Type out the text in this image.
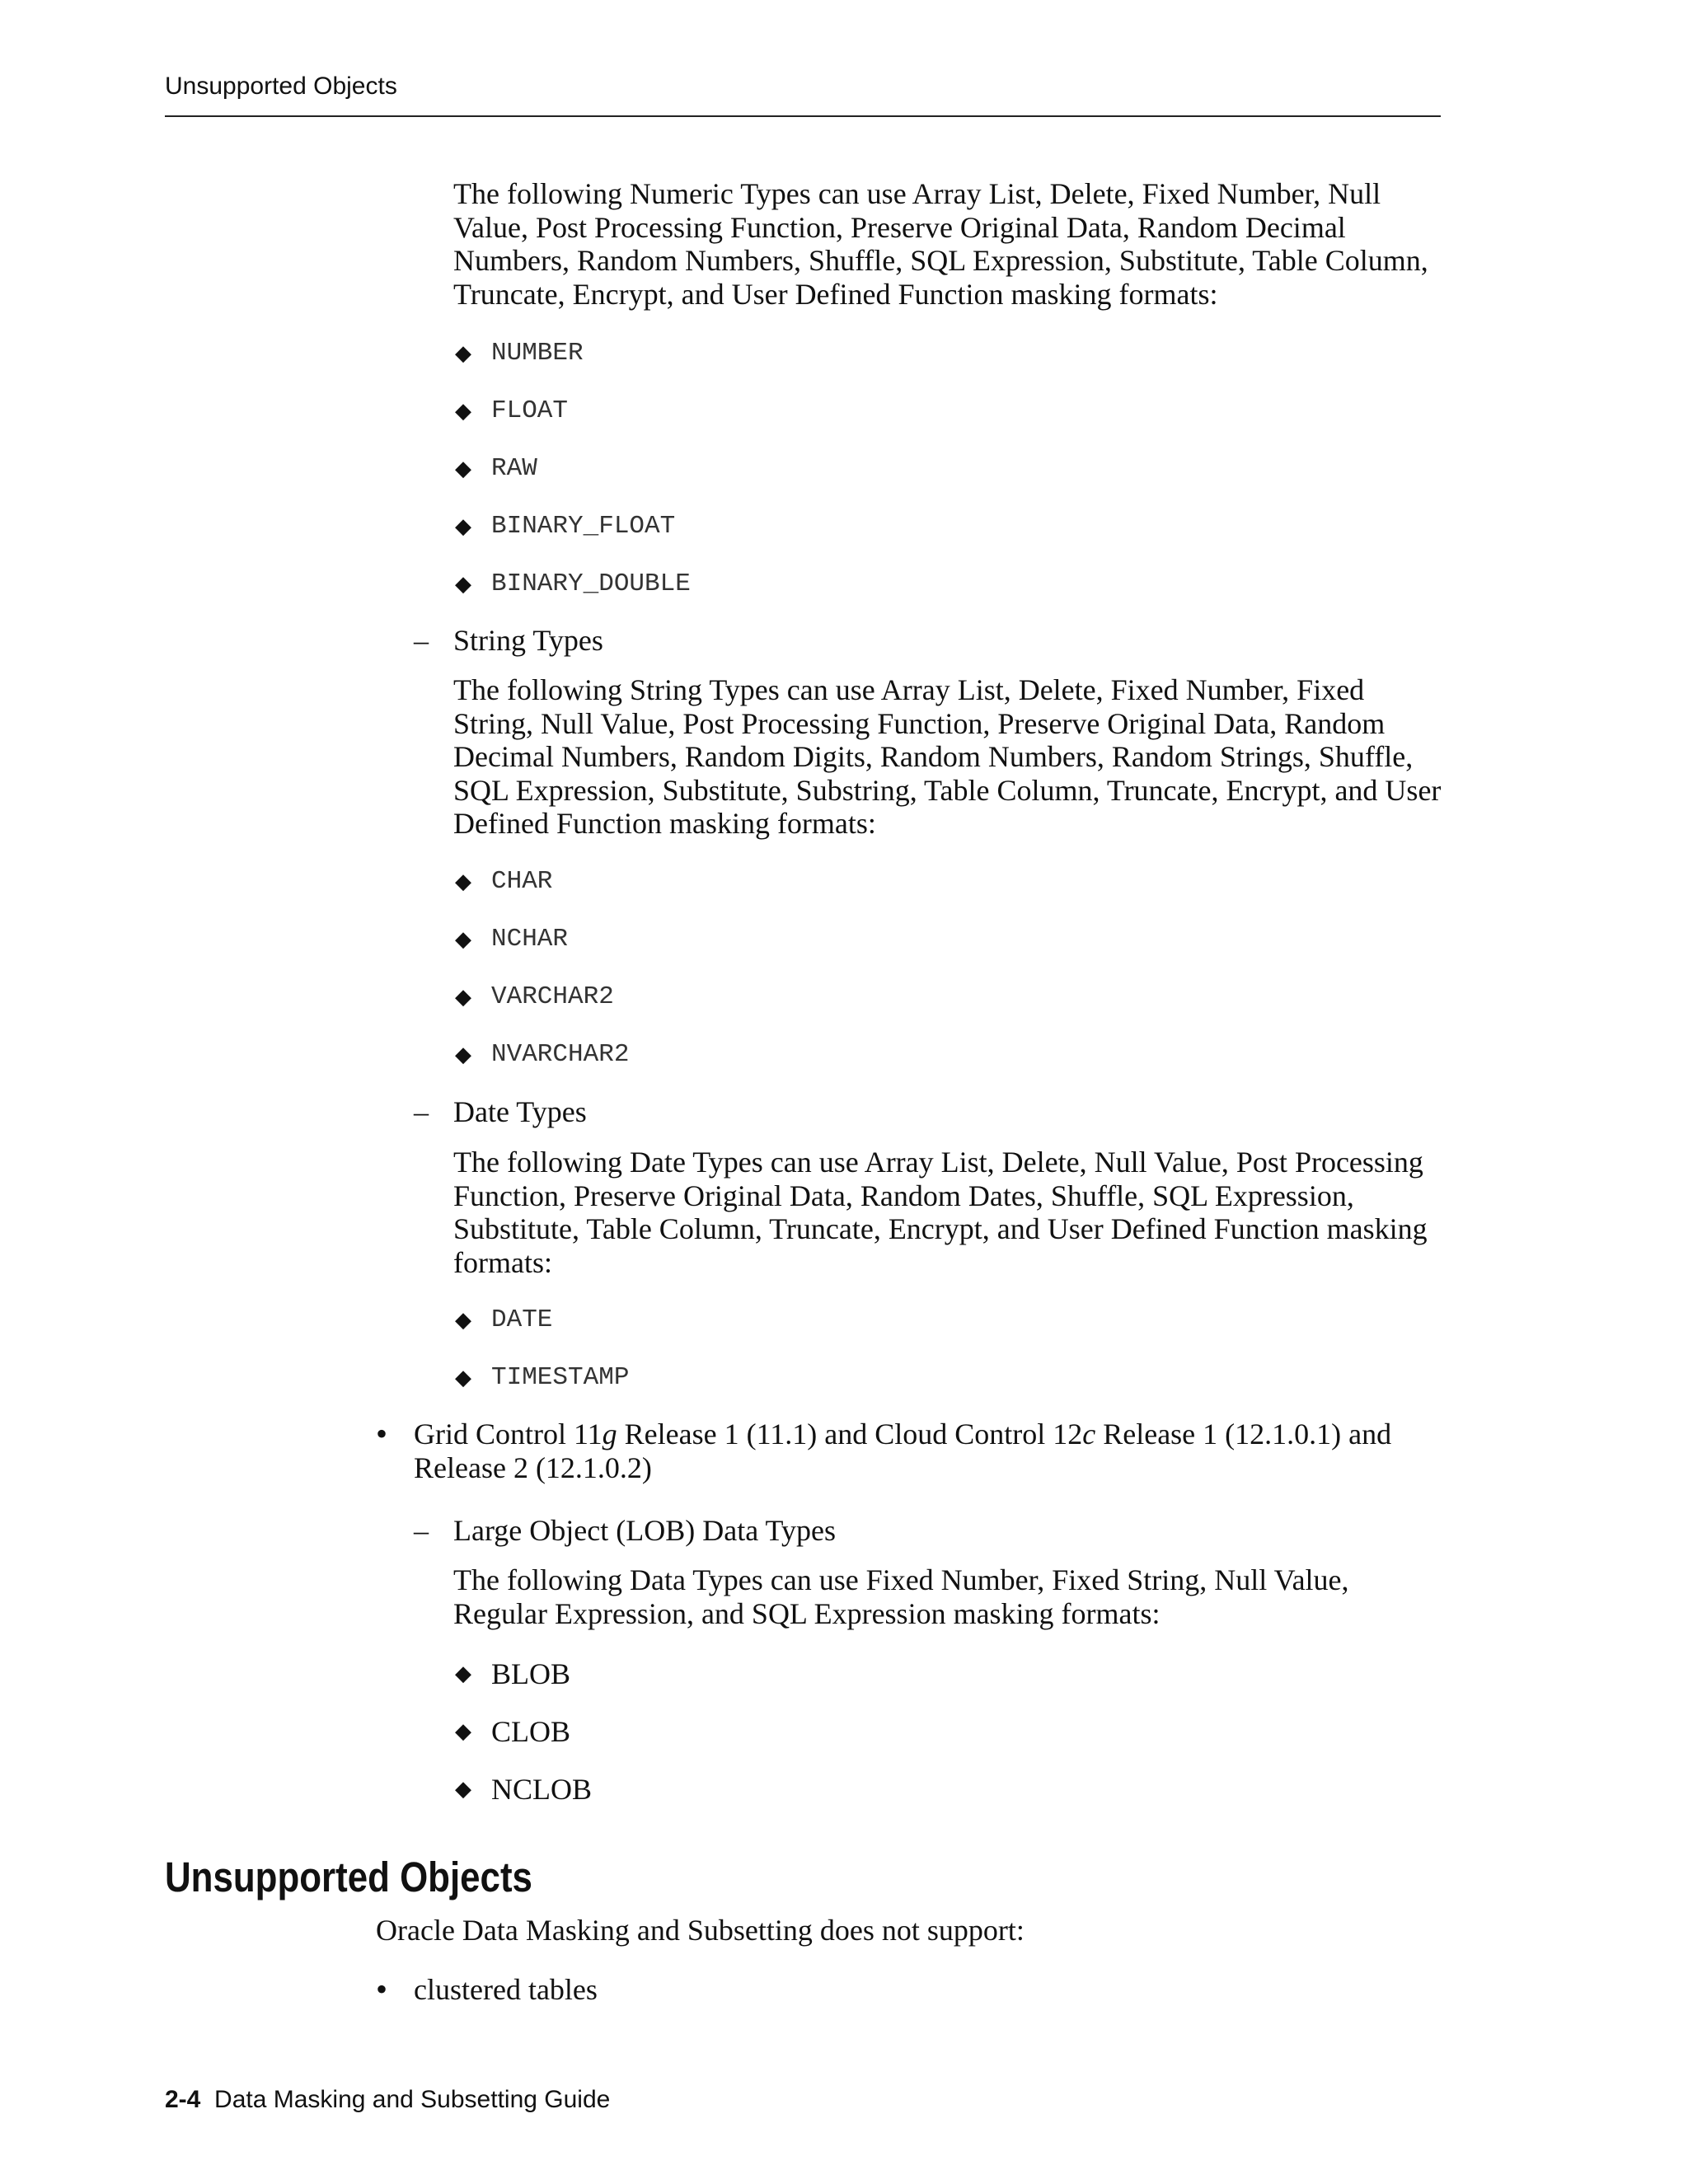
Unsupported Objects

The following Numeric Types can use Array List, Delete, Fixed Number, Null Value, Post Processing Function, Preserve Original Data, Random Decimal Numbers, Random Numbers, Shuffle, SQL Expression, Substitute, Table Column, Truncate, Encrypt, and User Defined Function masking formats:

◆ NUMBER
◆ FLOAT
◆ RAW
◆ BINARY_FLOAT
◆ BINARY_DOUBLE
– String Types

The following String Types can use Array List, Delete, Fixed Number, Fixed String, Null Value, Post Processing Function, Preserve Original Data, Random Decimal Numbers, Random Digits, Random Numbers, Random Strings, Shuffle, SQL Expression, Substitute, Substring, Table Column, Truncate, Encrypt, and User Defined Function masking formats:

◆ CHAR
◆ NCHAR
◆ VARCHAR2
◆ NVARCHAR2
– Date Types

The following Date Types can use Array List, Delete, Null Value, Post Processing Function, Preserve Original Data, Random Dates, Shuffle, SQL Expression, Substitute, Table Column, Truncate, Encrypt, and User Defined Function masking formats:

◆ DATE
◆ TIMESTAMP
• Grid Control 11g Release 1 (11.1) and Cloud Control 12c Release 1 (12.1.0.1) and Release 2 (12.1.0.2)

– Large Object (LOB) Data Types

The following Data Types can use Fixed Number, Fixed String, Null Value, Regular Expression, and SQL Expression masking formats:

◆ BLOB
◆ CLOB
◆ NCLOB
Unsupported Objects

Oracle Data Masking and Subsetting does not support:

• clustered tables
2-4 Data Masking and Subsetting Guide
